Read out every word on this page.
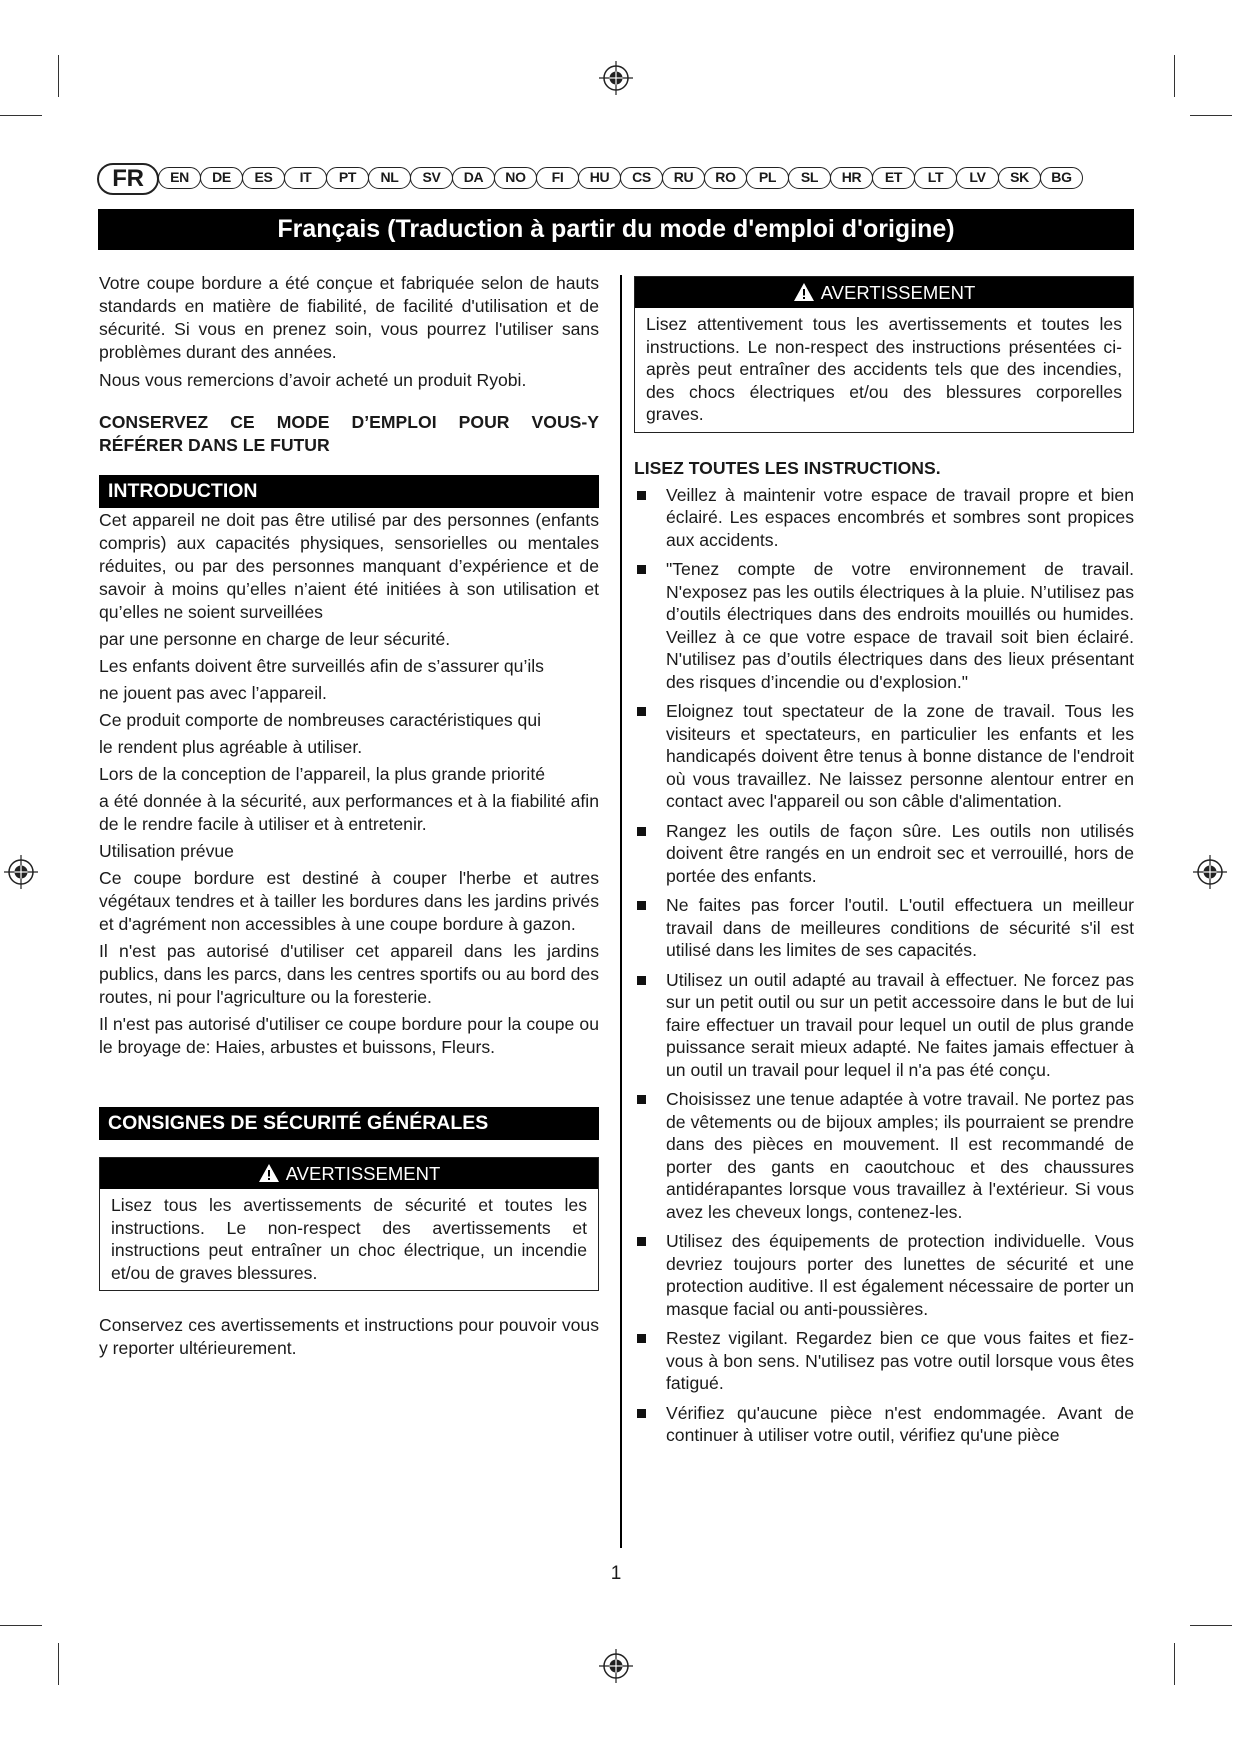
FR	EN	DE	ES	IT	PT	NL	SV	DA	NO	FI	HU	CS	RU	RO	PL	SL	HR	ET	LT	LV	SK	BG
Français (Traduction à partir du mode d'emploi d'origine)

Votre coupe bordure a été conçue et fabriquée selon de hauts standards en matière de fiabilité, de facilité d'utilisation et de sécurité. Si vous en prenez soin, vous pourrez l'utiliser sans problèmes durant des années.

Nous vous remercions d’avoir acheté un produit Ryobi.

CONSERVEZ CE MODE D’EMPLOI POUR VOUS-Y RÉFÉRER DANS LE FUTUR

INTRODUCTION

Cet appareil ne doit pas être utilisé par des personnes (enfants compris) aux capacités physiques, sensorielles ou mentales réduites, ou par des personnes manquant d’expérience et de savoir à moins qu’elles n’aient été initiées à son utilisation et qu’elles ne soient surveillées

par une personne en charge de leur sécurité.

Les enfants doivent être surveillés afin de s’assurer qu’ils

ne jouent pas avec l’appareil.

Ce produit comporte de nombreuses caractéristiques qui

le rendent plus agréable à utiliser.

Lors de la conception de l’appareil, la plus grande priorité

a été donnée à la sécurité, aux performances et à la fiabilité afin de le rendre facile à utiliser et à entretenir.

Utilisation prévue

Ce coupe bordure est destiné à couper l'herbe et autres végétaux tendres et à tailler les bordures dans les jardins privés et d'agrément non accessibles à une coupe bordure à gazon.

Il n'est pas autorisé d'utiliser cet appareil dans les jardins publics, dans les parcs, dans les centres sportifs ou au bord des routes, ni pour l'agriculture ou la foresterie.

Il n'est pas autorisé d'utiliser ce coupe bordure pour la coupe ou le broyage de: Haies, arbustes et buissons, Fleurs.

CONSIGNES DE SÉCURITÉ GÉNÉRALES
AVERTISSEMENT
Lisez tous les avertissements de sécurité et toutes les instructions. Le non-respect des avertissements et instructions peut entraîner un choc électrique, un incendie et/ou de graves blessures.

Conservez ces avertissements et instructions pour pouvoir vous y reporter ultérieurement.

AVERTISSEMENT
Lisez attentivement tous les avertissements et toutes les instructions. Le non-respect des instructions présentées ci-après peut entraîner des accidents tels que des incendies, des chocs électriques et/ou des blessures corporelles graves.

LISEZ TOUTES LES INSTRUCTIONS.

Veillez à maintenir votre espace de travail propre et bien éclairé. Les espaces encombrés et sombres sont propices aux accidents.
"Tenez compte de votre environnement de travail. N'exposez pas les outils électriques à la pluie. N’utilisez pas d’outils électriques dans des endroits mouillés ou humides. Veillez à ce que votre espace de travail soit bien éclairé. N'utilisez pas d’outils électriques dans des lieux présentant des risques d’incendie ou d'explosion."
Eloignez tout spectateur de la zone de travail. Tous les visiteurs et spectateurs, en particulier les enfants et les handicapés doivent être tenus à bonne distance de l'endroit où vous travaillez. Ne laissez personne alentour entrer en contact avec l'appareil ou son câble d'alimentation.
Rangez les outils de façon sûre. Les outils non utilisés doivent être rangés en un endroit sec et verrouillé, hors de portée des enfants.
Ne faites pas forcer l'outil. L'outil effectuera un meilleur travail dans de meilleures conditions de sécurité s'il est utilisé dans les limites de ses capacités.
Utilisez un outil adapté au travail à effectuer. Ne forcez pas sur un petit outil ou sur un petit accessoire dans le but de lui faire effectuer un travail pour lequel un outil de plus grande puissance serait mieux adapté. Ne faites jamais effectuer à un outil un travail pour lequel il n'a pas été conçu.
Choisissez une tenue adaptée à votre travail. Ne portez pas de vêtements ou de bijoux amples; ils pourraient se prendre dans des pièces en mouvement. Il est recommandé de porter des gants en caoutchouc et des chaussures antidérapantes lorsque vous travaillez à l'extérieur. Si vous avez les cheveux longs, contenez-les.
Utilisez des équipements de protection individuelle. Vous devriez toujours porter des lunettes de sécurité et une protection auditive. Il est également nécessaire de porter un masque facial ou anti-poussières.
Restez vigilant. Regardez bien ce que vous faites et fiez-vous à bon sens. N'utilisez pas votre outil lorsque vous êtes fatigué.
Vérifiez qu'aucune pièce n'est endommagée. Avant de continuer à utiliser votre outil, vérifiez qu'une pièce
1
